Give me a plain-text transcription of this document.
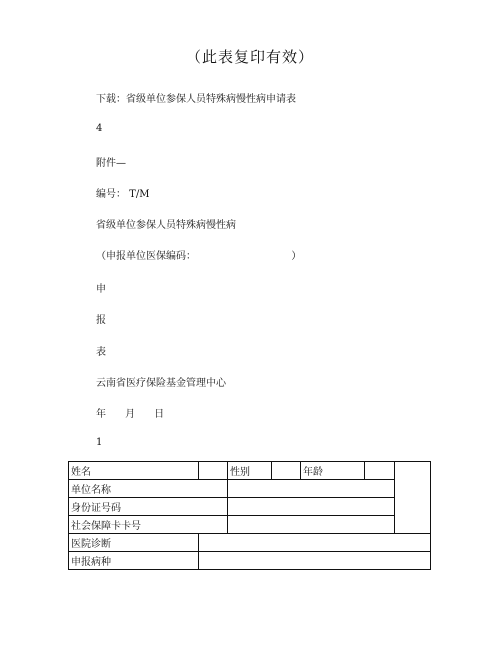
（此表复印有效）
下载：省级单位参保人员特殊病慢性病申请表
4
附件—
编号： T/M
省级单位参保人员特殊病慢性病
（申报单位医保编码：                              ）
申
报
表
云南省医疗保险基金管理中心
年      月      日
1
姓名		性别		年龄		
单位名称						
身份证号码						
社会保障卡卡号						
医院诊断						
申报病种						
